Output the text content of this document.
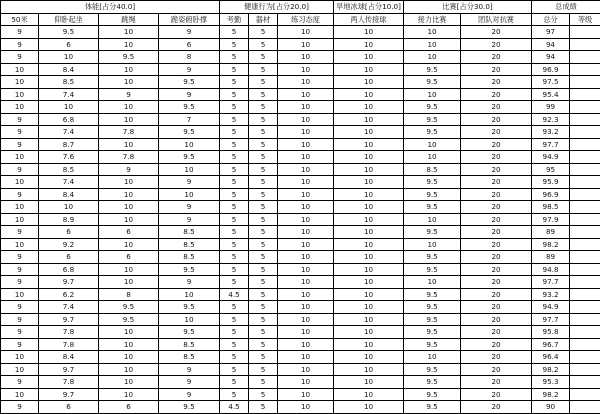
体能[占分40.0]				健康行为[占分20.0]			旱地冰球[占分10.0]	比赛[占分30.0]		总成绩	
50米	仰卧起坐	跳绳	跪姿俯卧撑	考勤	器材	练习态度	两人传接球	接力比赛	团队对抗赛	总分	等级
9	9.5	10	9	5	5	10	10	10	20	97	
9	6	10	6	5	5	10	10	10	20	94	
9	10	9.5	8	5	5	10	10	10	20	94	
10	8.4	10	9	5	5	10	10	9.5	20	96.9	
10	8.5	10	9.5	5	5	10	10	9.5	20	97.5	
10	7.4	9	9	5	5	10	10	10	20	95.4	
10	10	10	9.5	5	5	10	10	9.5	20	99	
9	6.8	10	7	5	5	10	10	9.5	20	92.3	
9	7.4	7.8	9.5	5	5	10	10	9.5	20	93.2	
9	8.7	10	10	5	5	10	10	10	20	97.7	
10	7.6	7.8	9.5	5	5	10	10	10	20	94.9	
9	8.5	9	10	5	5	10	10	8.5	20	95	
10	7.4	10	9	5	5	10	10	9.5	20	95.9	
9	8.4	10	10	5	5	10	10	9.5	20	96.9	
10	10	10	9	5	5	10	10	9.5	20	98.5	
10	8.9	10	9	5	5	10	10	10	20	97.9	
9	6	6	8.5	5	5	10	10	9.5	20	89	
10	9.2	10	8.5	5	5	10	10	10	20	98.2	
9	6	6	8.5	5	5	10	10	9.5	20	89	
9	6.8	10	9.5	5	5	10	10	9.5	20	94.8	
9	9.7	10	9	5	5	10	10	10	20	97.7	
10	6.2	8	10	4.5	5	10	10	9.5	20	93.2	
9	7.4	9.5	9.5	5	5	10	10	9.5	20	94.9	
9	9.7	9.5	10	5	5	10	10	9.5	20	97.7	
9	7.8	10	9.5	5	5	10	10	9.5	20	95.8	
9	7.8	10	8.5	5	5	10	10	9.5	20	96.7	
10	8.4	10	8.5	5	5	10	10	10	20	96.4	
10	9.7	10	9	5	5	10	10	9.5	20	98.2	
9	7.8	10	9	5	5	10	10	9.5	20	95.3	
10	9.7	10	9	5	5	10	10	9.5	20	98.2	
9	6	6	9.5	4.5	5	10	10	9.5	20	90	
